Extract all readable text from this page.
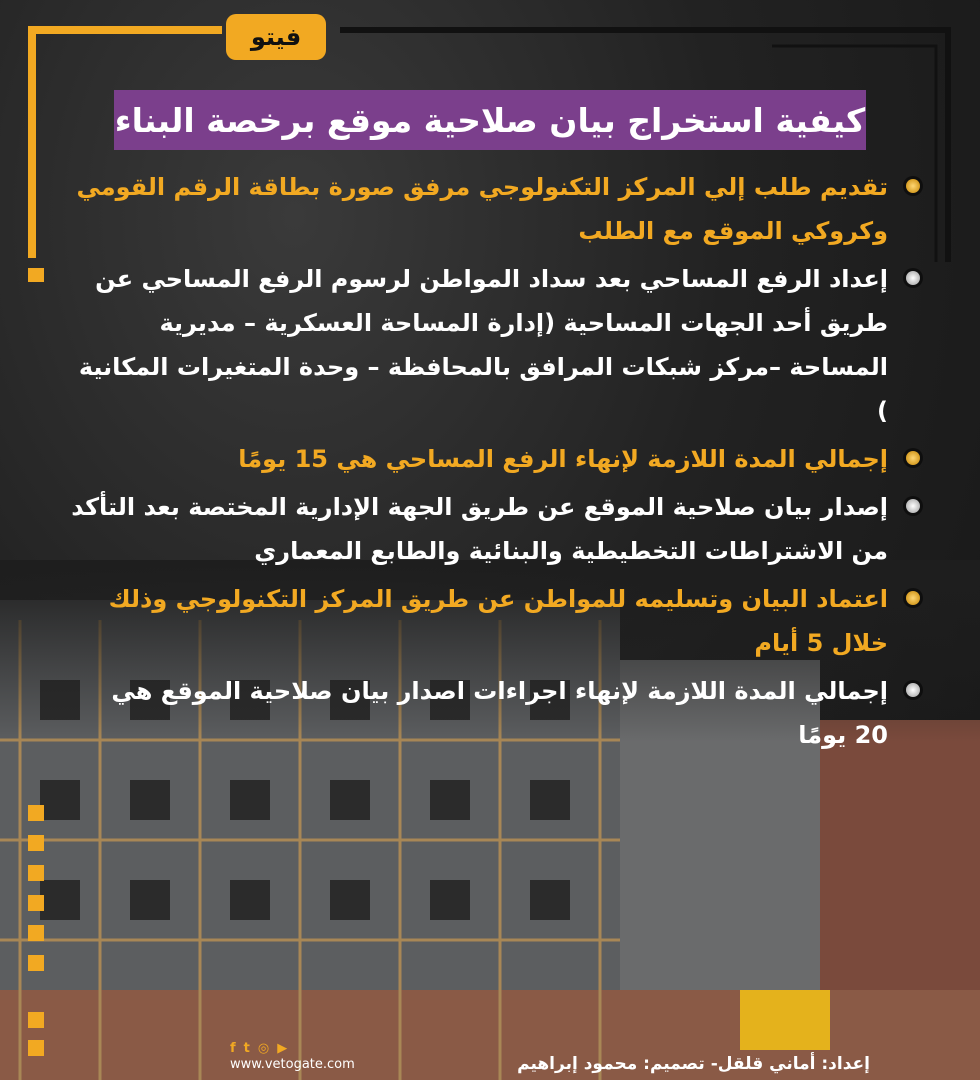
فيتو
كيفية استخراج بيان صلاحية موقع برخصة البناء
تقديم طلب إلي المركز التكنولوجي مرفق صورة بطاقة الرقم القومي وكروكي الموقع مع الطلب
إعداد الرفع المساحي بعد سداد المواطن لرسوم الرفع المساحي عن طريق أحد الجهات المساحية (إدارة المساحة العسكرية – مديرية المساحة –مركز شبكات المرافق بالمحافظة – وحدة المتغيرات المكانية )
إجمالي المدة اللازمة لإنهاء الرفع المساحي هي 15 يومًا
إصدار بيان صلاحية الموقع عن طريق الجهة الإدارية المختصة بعد التأكد من الاشتراطات التخطيطية والبنائية والطابع المعماري
اعتماد البيان وتسليمه للمواطن عن طريق المركز التكنولوجي وذلك خلال 5 أيام
إجمالي المدة اللازمة لإنهاء اجراءات اصدار بيان صلاحية الموقع هي 20 يومًا
f t ◎ ▶
www.vetogate.com	إعداد: أماني قلقل- تصميم: محمود إبراهيم
